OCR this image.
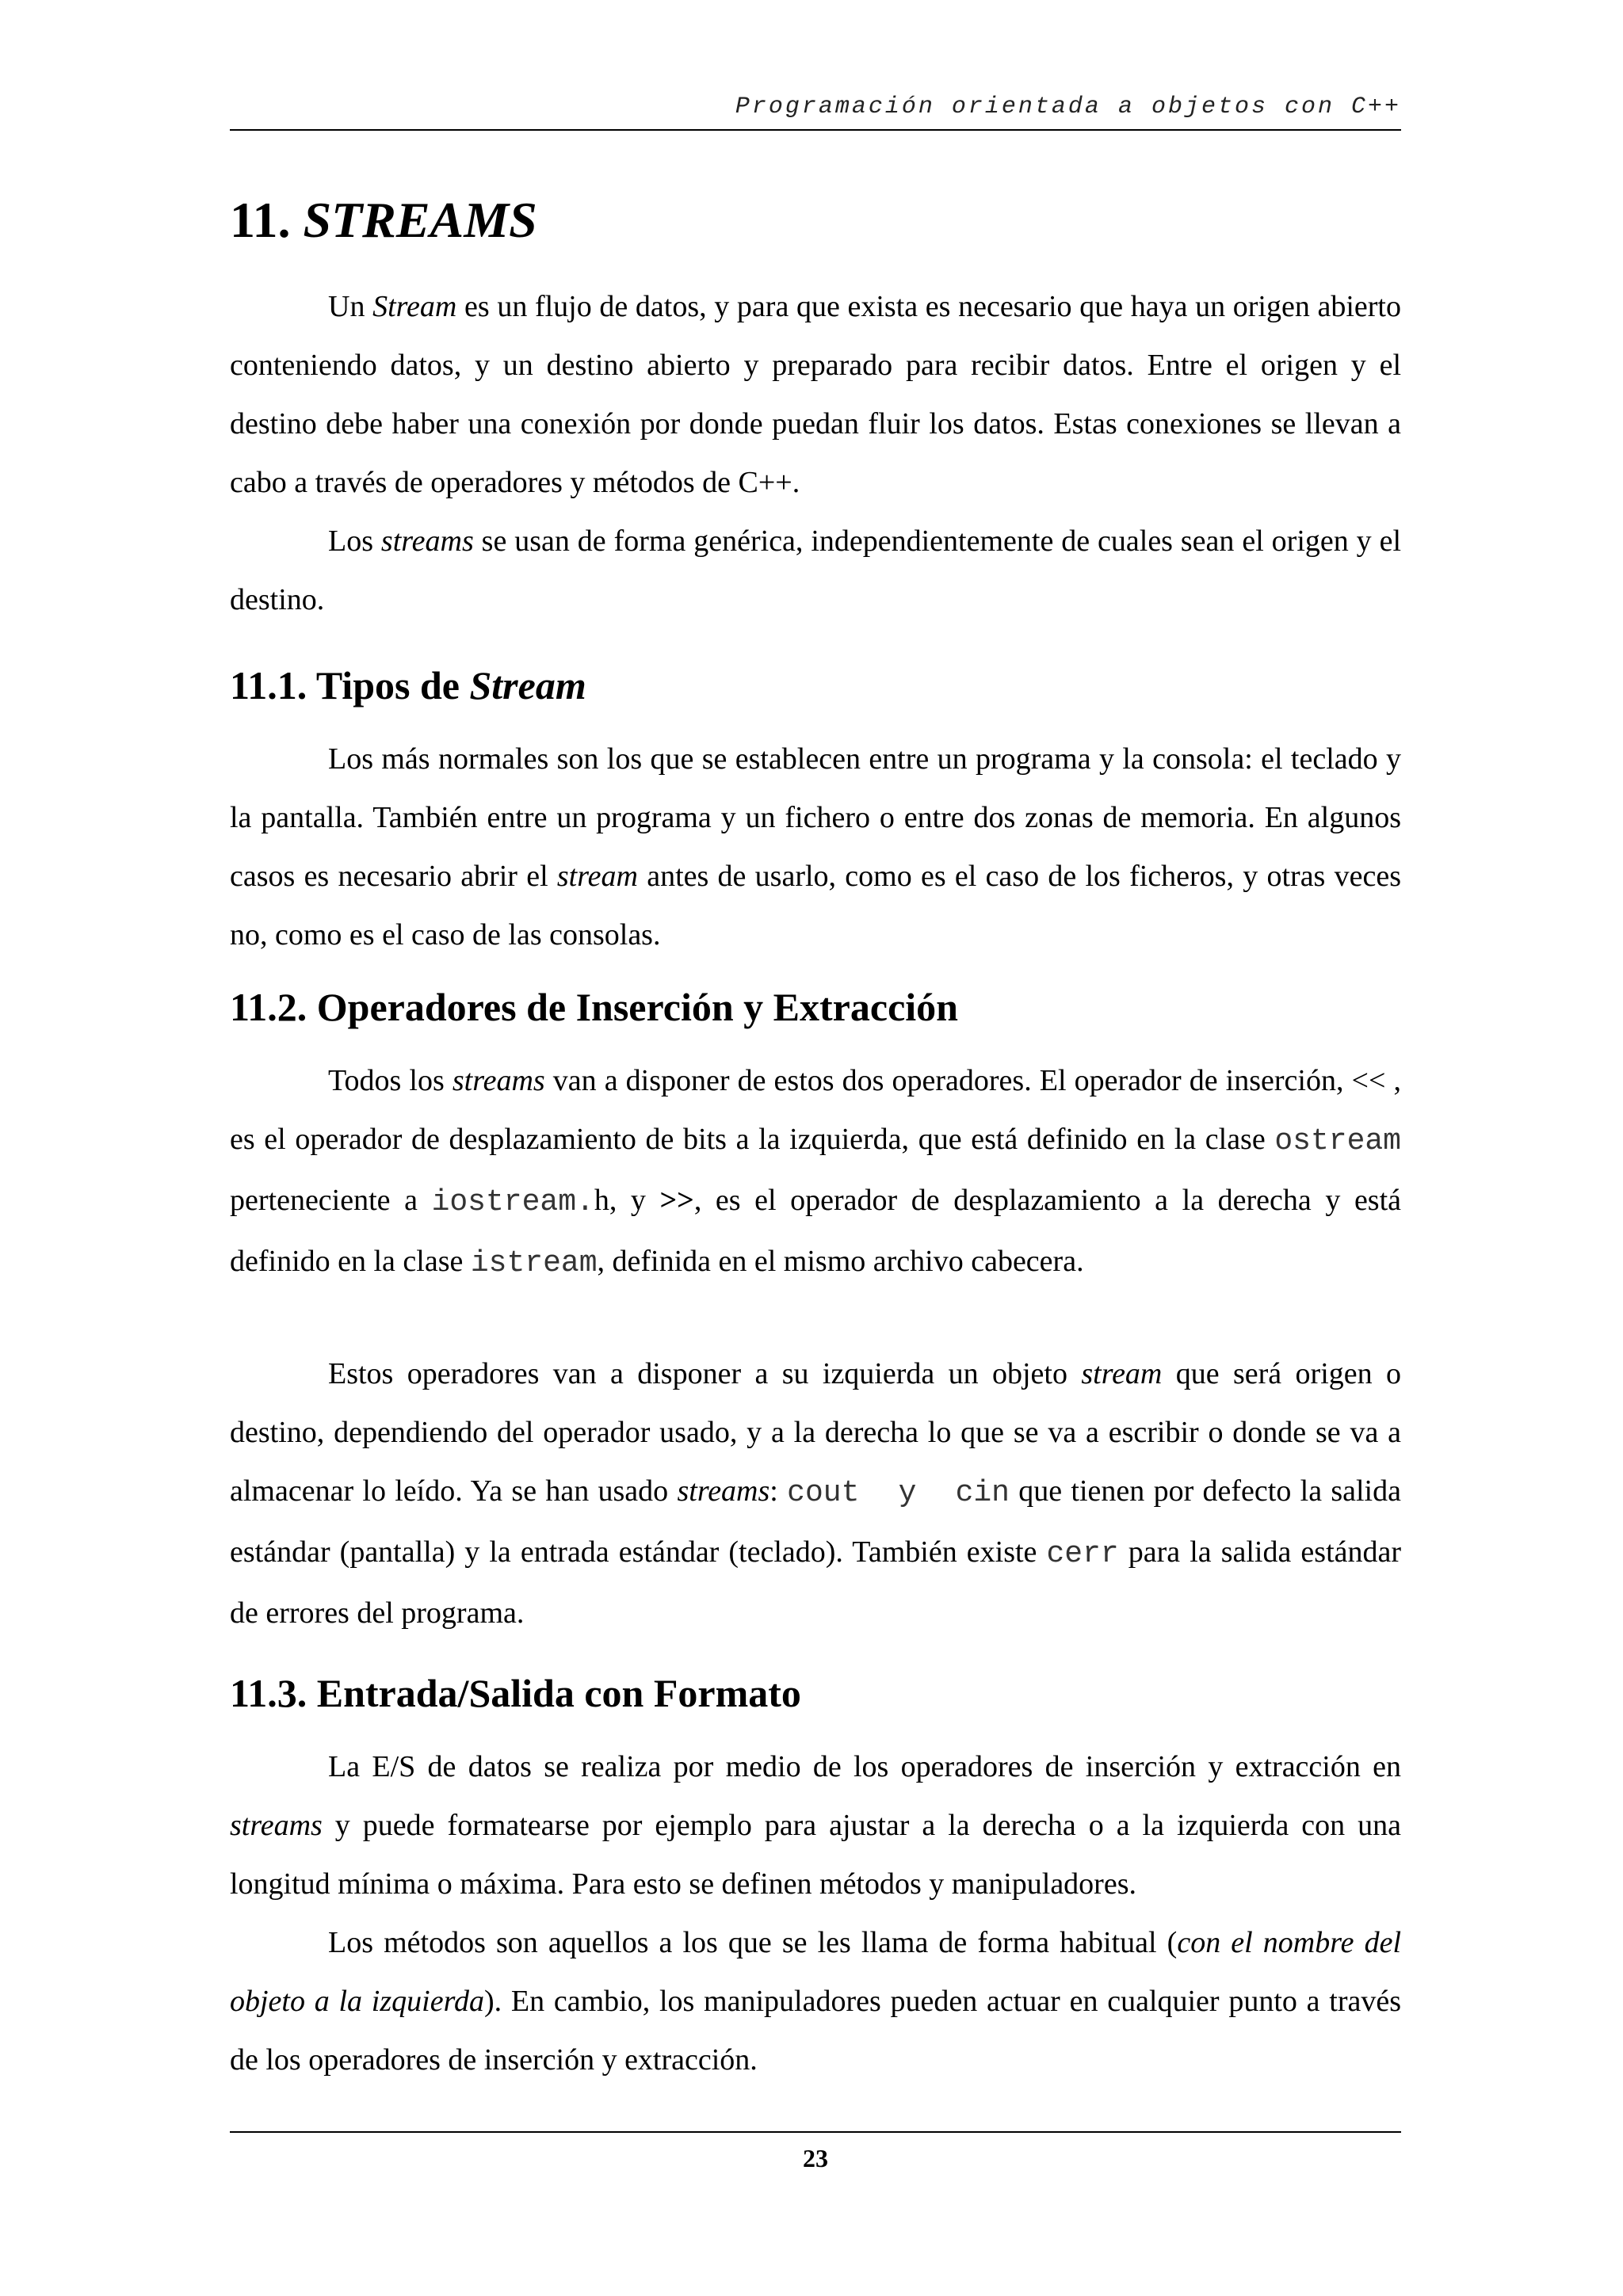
Programación orientada a objetos con C++
11. STREAMS

Un Stream es un flujo de datos, y para que exista es necesario que haya un origen abierto conteniendo datos, y un destino abierto y preparado para recibir datos. Entre el origen y el destino debe haber una conexión por donde puedan fluir los datos. Estas conexiones se llevan a cabo a través de operadores y métodos de C++.

Los streams se usan de forma genérica, independientemente de cuales sean el origen y el destino.

11.1. Tipos de Stream

Los más normales son los que se establecen entre un programa y la consola: el teclado y la pantalla. También entre un programa y un fichero o entre dos zonas de memoria. En algunos casos es necesario abrir el stream antes de usarlo, como es el caso de los ficheros, y otras veces no, como es el caso de las consolas.

11.2. Operadores de Inserción y Extracción

Todos los streams van a disponer de estos dos operadores. El operador de inserción, << , es el operador de desplazamiento de bits a la izquierda, que está definido en la clase ostream perteneciente a iostream.h, y >>, es el operador de desplazamiento a la derecha y está definido en la clase istream, definida en el mismo archivo cabecera.

Estos operadores van a disponer a su izquierda un objeto stream que será origen o destino, dependiendo del operador usado, y a la derecha lo que se va a escribir o donde se va a almacenar lo leído. Ya se han usado streams: cout  y  cin que tienen por defecto la salida estándar (pantalla) y la entrada estándar (teclado). También existe cerr para la salida estándar de errores del programa.

11.3. Entrada/Salida con Formato

La E/S de datos se realiza por medio de los operadores de inserción y extracción en streams y puede formatearse por ejemplo para ajustar a la derecha o a la izquierda con una longitud mínima o máxima. Para esto se definen métodos y manipuladores.

Los métodos son aquellos a los que se les llama de forma habitual (con el nombre del objeto a la izquierda). En cambio, los manipuladores pueden actuar en cualquier punto a través de los operadores de inserción y extracción.

23
